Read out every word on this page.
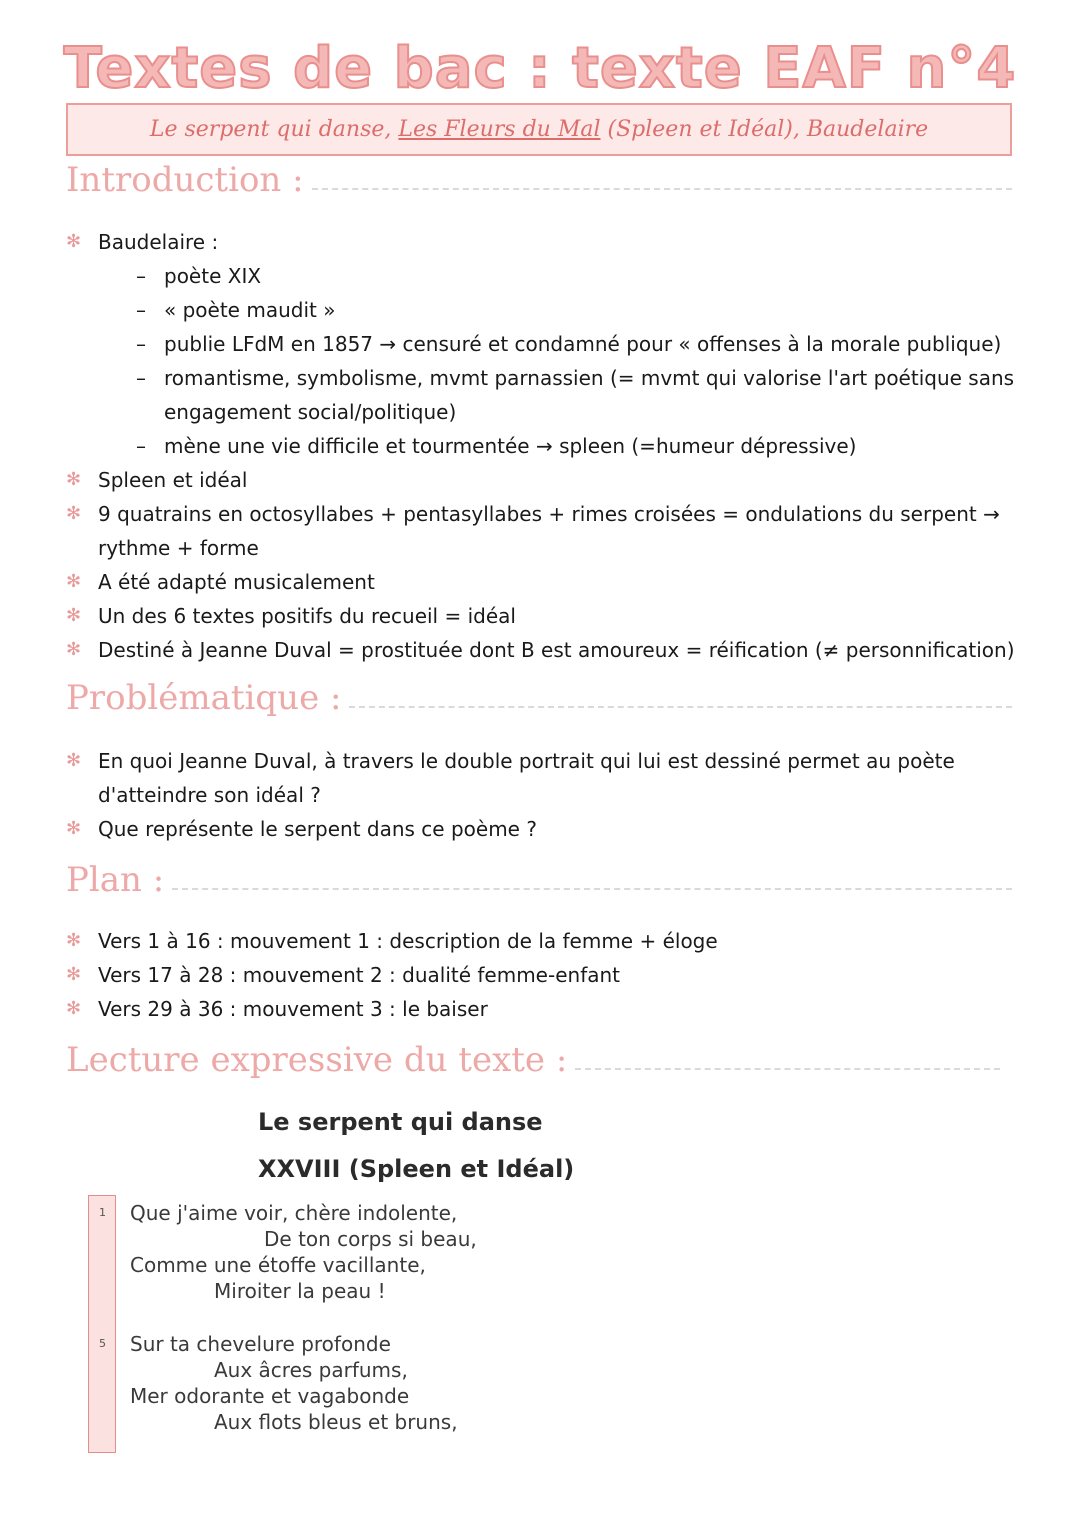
Textes de bac : texte EAF n°4
Le serpent qui danse,
Les Fleurs du Mal
(Spleen et Idéal),
Baudelaire
Introduction :
✻ Baudelaire :
– poète XIX
– « poète maudit »
– publie LFdM en 1857 → censuré et condamné pour « offenses à la morale publique)
– romantisme, symbolisme, mvmt parnassien (= mvmt qui valorise l'art poétique sans engagement social/politique)
– mène une vie difficile et tourmentée → spleen (=humeur dépressive)
✻ Spleen et idéal
✻ 9 quatrains en octosyllabes + pentasyllabes + rimes croisées = ondulations du serpent → rythme + forme
✻ A été adapté musicalement
✻ Un des 6 textes positifs du recueil = idéal
✻ Destiné à Jeanne Duval = prostituée dont B est amoureux = réification (≠ personnification)
Problématique :
✻ En quoi Jeanne Duval, à travers le double portrait qui lui est dessiné permet au poète d'atteindre son idéal ?
✻ Que représente le serpent dans ce poème ?
Plan :
✻ Vers 1 à 16 : mouvement 1 : description de la femme + éloge
✻ Vers 17 à 28 : mouvement 2 : dualité femme-enfant
✻ Vers 29 à 36 : mouvement 3 : le baiser
Lecture expressive du texte :
Le serpent qui danse
XXVIII (Spleen et Idéal)
1
5
Que j'aime voir, chère indolente,
De ton corps si beau,
Comme une étoffe vacillante,
Miroiter la peau !
Sur ta chevelure profonde
Aux âcres parfums,
Mer odorante et vagabonde
Aux flots bleus et bruns,
